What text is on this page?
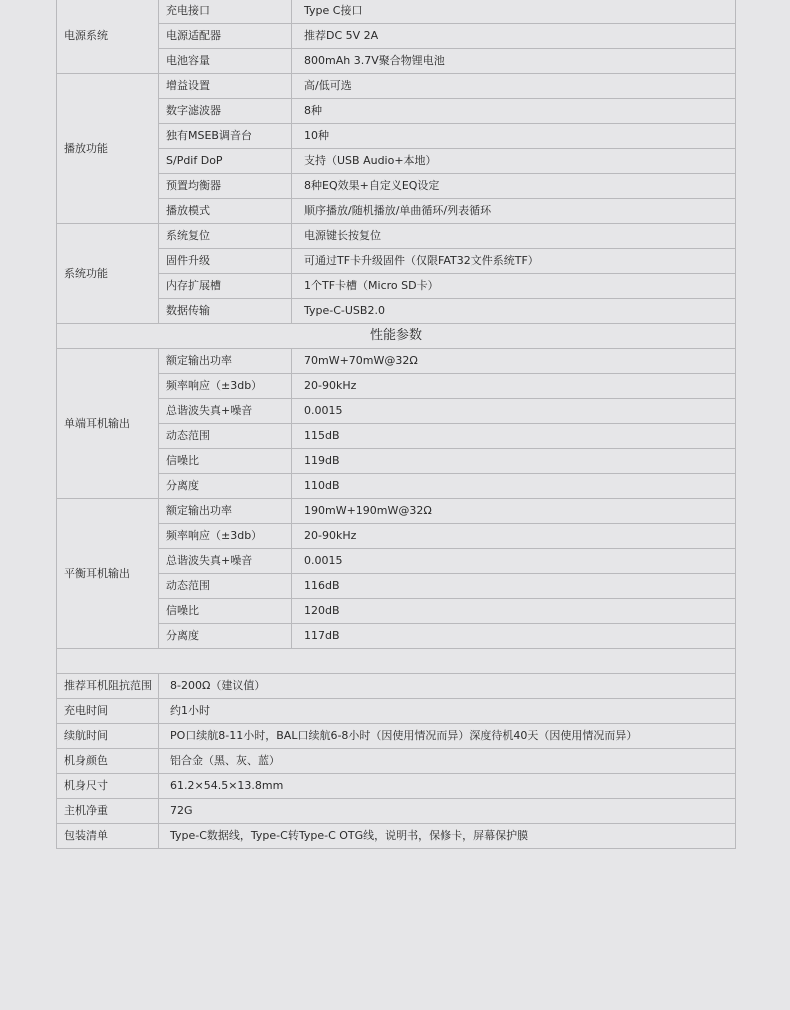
电源系统	充电接口	Type C接口
	电源适配器	推荐DC 5V 2A
	电池容量	800mAh 3.7V聚合物锂电池
播放功能	增益设置	高/低可选
	数字滤波器	8种
	独有MSEB调音台	10种
	S/Pdif DoP	支持（USB Audio+本地）
	预置均衡器	8种EQ效果+自定义EQ设定
	播放模式	顺序播放/随机播放/单曲循环/列表循环
系统功能	系统复位	电源键长按复位
	固件升级	可通过TF卡升级固件（仅限FAT32文件系统TF）
	内存扩展槽	1个TF卡槽（Micro SD卡）
	数据传输	Type-C-USB2.0
性能参数		
单端耳机输出	额定输出功率	70mW+70mW@32Ω
	频率响应（±3db）	20-90kHz
	总谐波失真+噪音	0.0015
	动态范围	115dB
	信噪比	119dB
	分离度	110dB
平衡耳机输出	额定输出功率	190mW+190mW@32Ω
	频率响应（±3db）	20-90kHz
	总谐波失真+噪音	0.0015
	动态范围	116dB
	信噪比	120dB
	分离度	117dB

推荐耳机阻抗范围	8-200Ω（建议值）	
充电时间	约1小时	
续航时间	PO口续航8-11小时，BAL口续航6-8小时（因使用情况而异）深度待机40天（因使用情况而异）	
机身颜色	铝合金（黑、灰、蓝）	
机身尺寸	61.2×54.5×13.8mm	
主机净重	72G	
包装清单	Type-C数据线，Type-C转Type-C OTG线，说明书，保修卡，屏幕保护膜	
